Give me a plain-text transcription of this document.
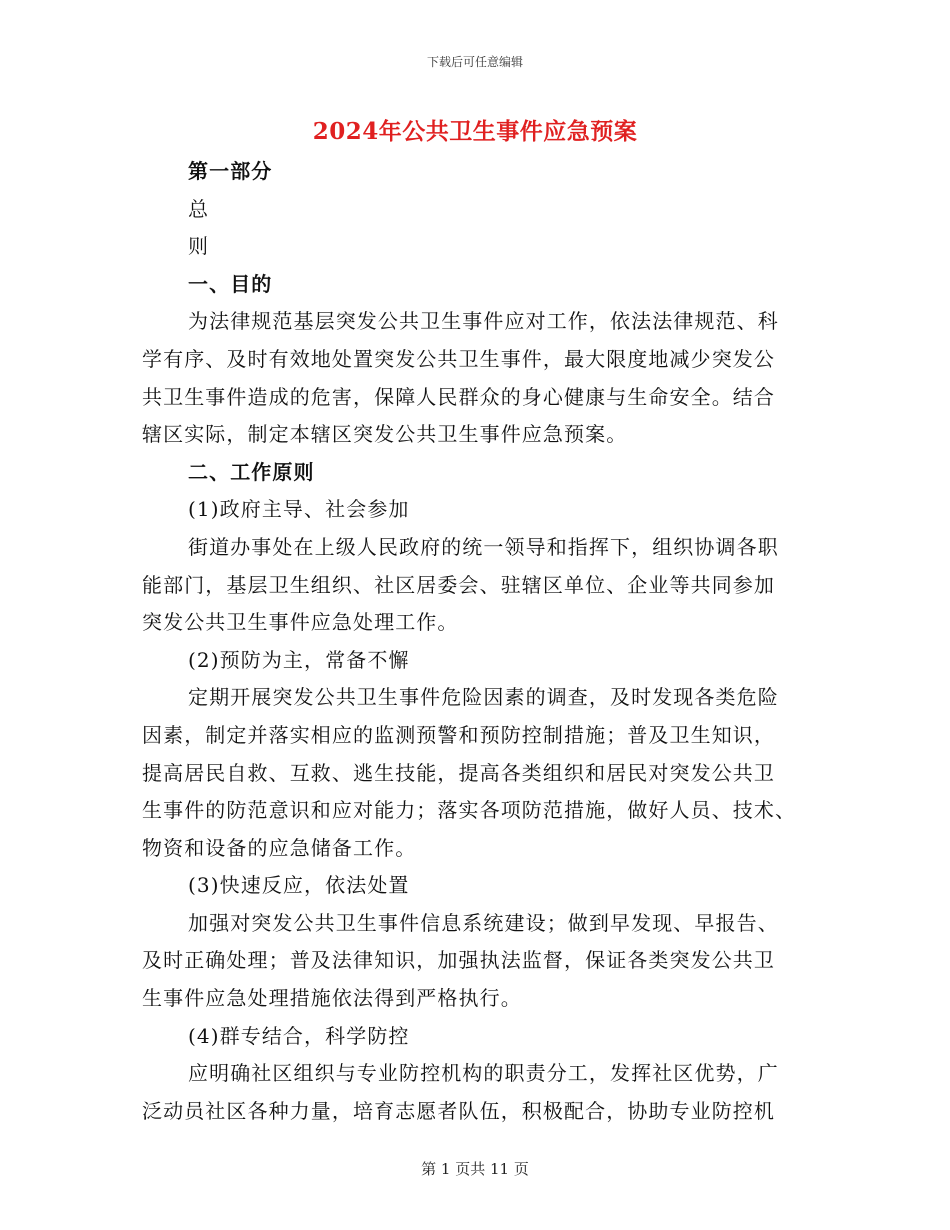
下载后可任意编辑
2024年公共卫生事件应急预案
第一部分
总
则
一、目的
为法律规范基层突发公共卫生事件应对工作，依法法律规范、科
学有序、及时有效地处置突发公共卫生事件，最大限度地减少突发公
共卫生事件造成的危害，保障人民群众的身心健康与生命安全。结合
辖区实际，制定本辖区突发公共卫生事件应急预案。
二、工作原则
(1)政府主导、社会参加
街道办事处在上级人民政府的统一领导和指挥下，组织协调各职
能部门，基层卫生组织、社区居委会、驻辖区单位、企业等共同参加
突发公共卫生事件应急处理工作。
(2)预防为主，常备不懈
定期开展突发公共卫生事件危险因素的调查，及时发现各类危险
因素，制定并落实相应的监测预警和预防控制措施；普及卫生知识，
提高居民自救、互救、逃生技能，提高各类组织和居民对突发公共卫
生事件的防范意识和应对能力；落实各项防范措施，做好人员、技术、
物资和设备的应急储备工作。
(3)快速反应，依法处置
加强对突发公共卫生事件信息系统建设；做到早发现、早报告、
及时正确处理；普及法律知识，加强执法监督，保证各类突发公共卫
生事件应急处理措施依法得到严格执行。
(4)群专结合，科学防控
应明确社区组织与专业防控机构的职责分工，发挥社区优势，广
泛动员社区各种力量，培育志愿者队伍，积极配合，协助专业防控机
第 1 页共 11 页
